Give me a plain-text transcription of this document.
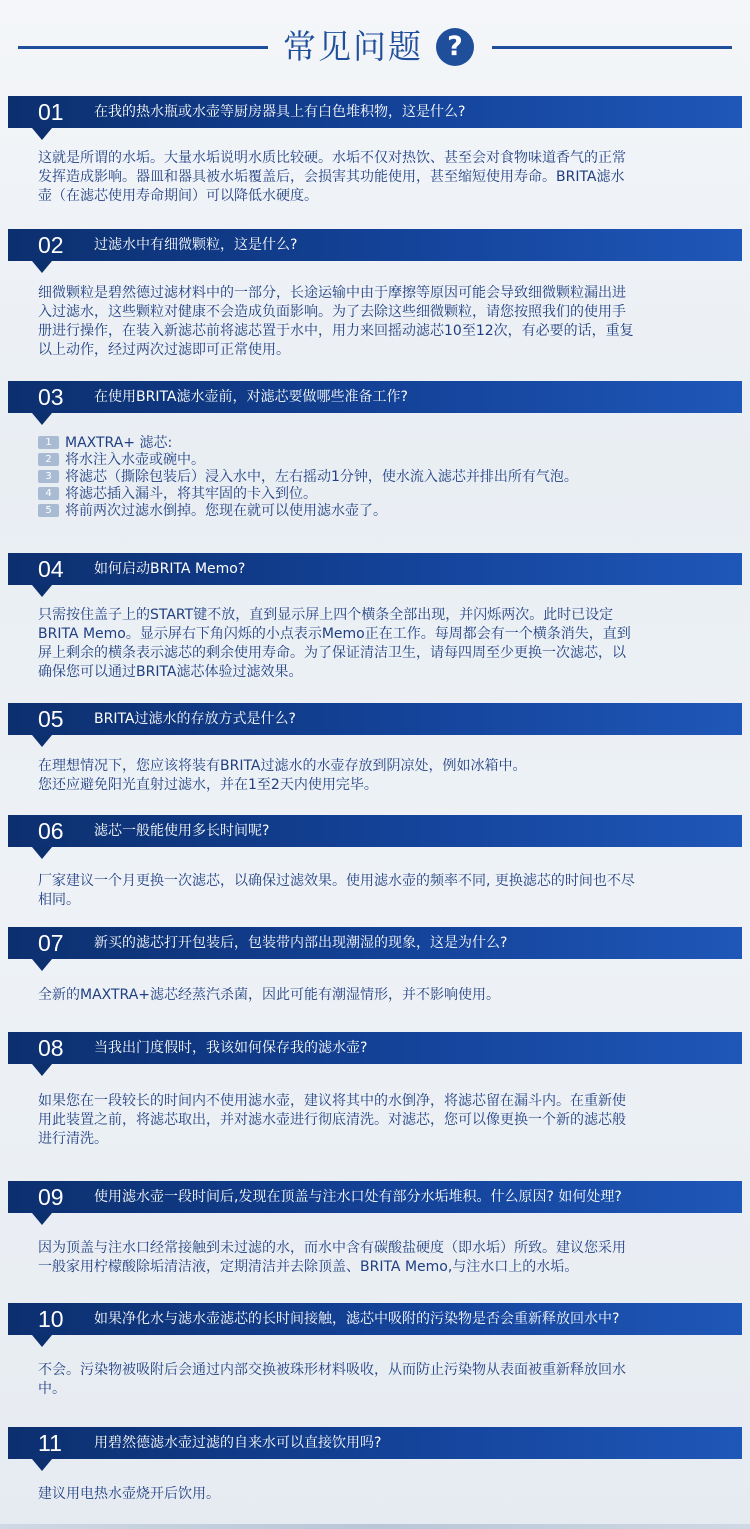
常见问题 ?
01 在我的热水瓶或水壶等厨房器具上有白色堆积物，这是什么?

这就是所谓的水垢。大量水垢说明水质比较硬。水垢不仅对热饮、甚至会对食物味道香气的正常

发挥造成影响。器皿和器具被水垢覆盖后，会损害其功能使用，甚至缩短使用寿命。BRITA滤水

壶（在滤芯使用寿命期间）可以降低水硬度。

02 过滤水中有细微颗粒，这是什么?

细微颗粒是碧然德过滤材料中的一部分，长途运输中由于摩擦等原因可能会导致细微颗粒漏出进

入过滤水，这些颗粒对健康不会造成负面影响。为了去除这些细微颗粒，请您按照我们的使用手

册进行操作，在装入新滤芯前将滤芯置于水中，用力来回摇动滤芯10至12次，有必要的话，重复

以上动作，经过两次过滤即可正常使用。

03 在使用BRITA滤水壶前，对滤芯要做哪些准备工作?
1 MAXTRA+ 滤芯:
2 将水注入水壶或碗中。
3 将滤芯（撕除包装后）浸入水中，左右摇动1分钟，使水流入滤芯并排出所有气泡。
4 将滤芯插入漏斗，将其牢固的卡入到位。
5 将前两次过滤水倒掉。您现在就可以使用滤水壶了。
04 如何启动BRITA Memo?

只需按住盖子上的START键不放，直到显示屏上四个横条全部出现，并闪烁两次。此时已设定

BRITA Memo。显示屏右下角闪烁的小点表示Memo正在工作。每周都会有一个横条消失，直到

屏上剩余的横条表示滤芯的剩余使用寿命。为了保证清洁卫生，请每四周至少更换一次滤芯，以

确保您可以通过BRITA滤芯体验过滤效果。

05 BRITA过滤水的存放方式是什么?

在理想情况下，您应该将装有BRITA过滤水的水壶存放到阴凉处，例如冰箱中。

您还应避免阳光直射过滤水，并在1至2天内使用完毕。

06 滤芯一般能使用多长时间呢?

厂家建议一个月更换一次滤芯，以确保过滤效果。使用滤水壶的频率不同, 更换滤芯的时间也不尽

相同。

07 新买的滤芯打开包装后，包装带内部出现潮湿的现象，这是为什么?

全新的MAXTRA+滤芯经蒸汽杀菌，因此可能有潮湿情形，并不影响使用。

08 当我出门度假时，我该如何保存我的滤水壶?

如果您在一段较长的时间内不使用滤水壶，建议将其中的水倒净，将滤芯留在漏斗内。在重新使

用此装置之前，将滤芯取出，并对滤水壶进行彻底清洗。对滤芯，您可以像更换一个新的滤芯般

进行清洗。

09 使用滤水壶一段时间后,发现在顶盖与注水口处有部分水垢堆积。什么原因? 如何处理?

因为顶盖与注水口经常接触到未过滤的水，而水中含有碳酸盐硬度（即水垢）所致。建议您采用

一般家用柠檬酸除垢清洁液，定期清洁并去除顶盖、BRITA Memo,与注水口上的水垢。

10 如果净化水与滤水壶滤芯的长时间接触，滤芯中吸附的污染物是否会重新释放回水中?

不会。污染物被吸附后会通过内部交换被珠形材料吸收，从而防止污染物从表面被重新释放回水

中。

11 用碧然德滤水壶过滤的自来水可以直接饮用吗?

建议用电热水壶烧开后饮用。
